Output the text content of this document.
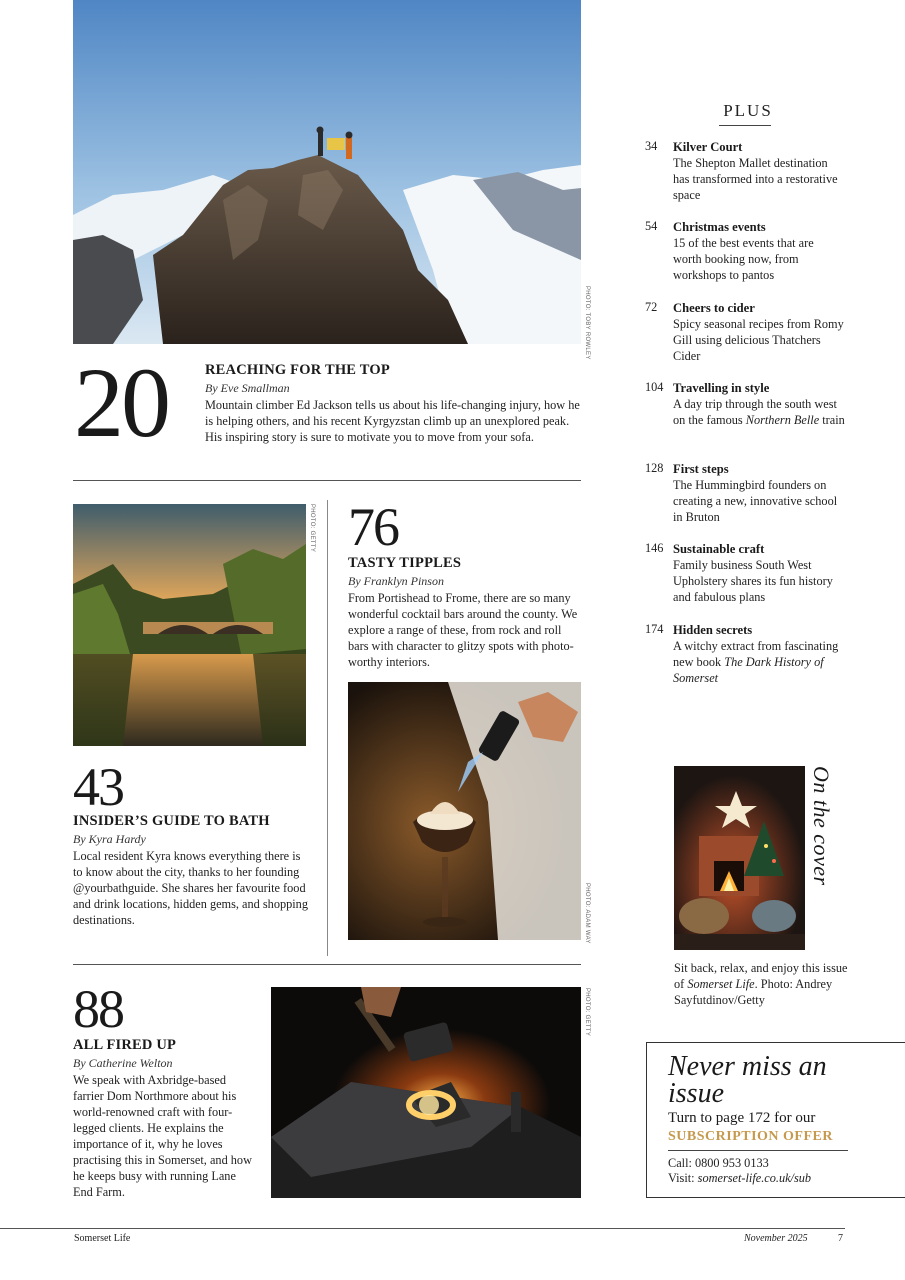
PHOTO: TOBY ROWLEY
20	REACHING FOR THE TOP
By Eve Smallman
Mountain climber Ed Jackson tells us about his life-changing injury, how he is helping others, and his recent Kyrgyzstan climb up an unexplored peak. His inspiring story is sure to motivate you to move from your sofa.
PHOTO: GETTY
43
INSIDER’S GUIDE TO BATH
By Kyra Hardy
Local resident Kyra knows everything there is to know about the city, thanks to her founding @yourbathguide. She shares her favourite food and drink locations, hidden gems, and shopping destinations.
76
TASTY TIPPLES
By Franklyn Pinson
From Portishead to Frome, there are so many wonderful cocktail bars around the county. We explore a range of these, from rock and roll bars with character to glitzy spots with photo-worthy interiors.
PHOTO: ADAM WAY
88
ALL FIRED UP
By Catherine Welton
We speak with Axbridge-based farrier Dom Northmore about his world-renowned craft with four-legged clients. He explains the importance of it, why he loves practising this in Somerset, and how he keeps busy with running Lane End Farm.
PHOTO: GETTY
PLUS
34 Kilver Court
The Shepton Mallet destination has transformed into a restorative space
54 Christmas events
15 of the best events that are worth booking now, from workshops to pantos
72 Cheers to cider
Spicy seasonal recipes from Romy Gill using delicious Thatchers Cider
104 Travelling in style
A day trip through the south west on the famous Northern Belle train
128 First steps
The Hummingbird founders on creating a new, innovative school in Bruton
146 Sustainable craft
Family business South West Upholstery shares its fun history and fabulous plans
174 Hidden secrets
A witchy extract from fascinating new book The Dark History of Somerset
On the cover
Sit back, relax, and enjoy this issue of Somerset Life. Photo: Andrey Sayfutdinov/Getty
Never miss an issue
Turn to page 172 for our
SUBSCRIPTION OFFER
Call: 0800 953 0133
Visit: somerset-life.co.uk/sub
Somerset Life	November 2025	7
